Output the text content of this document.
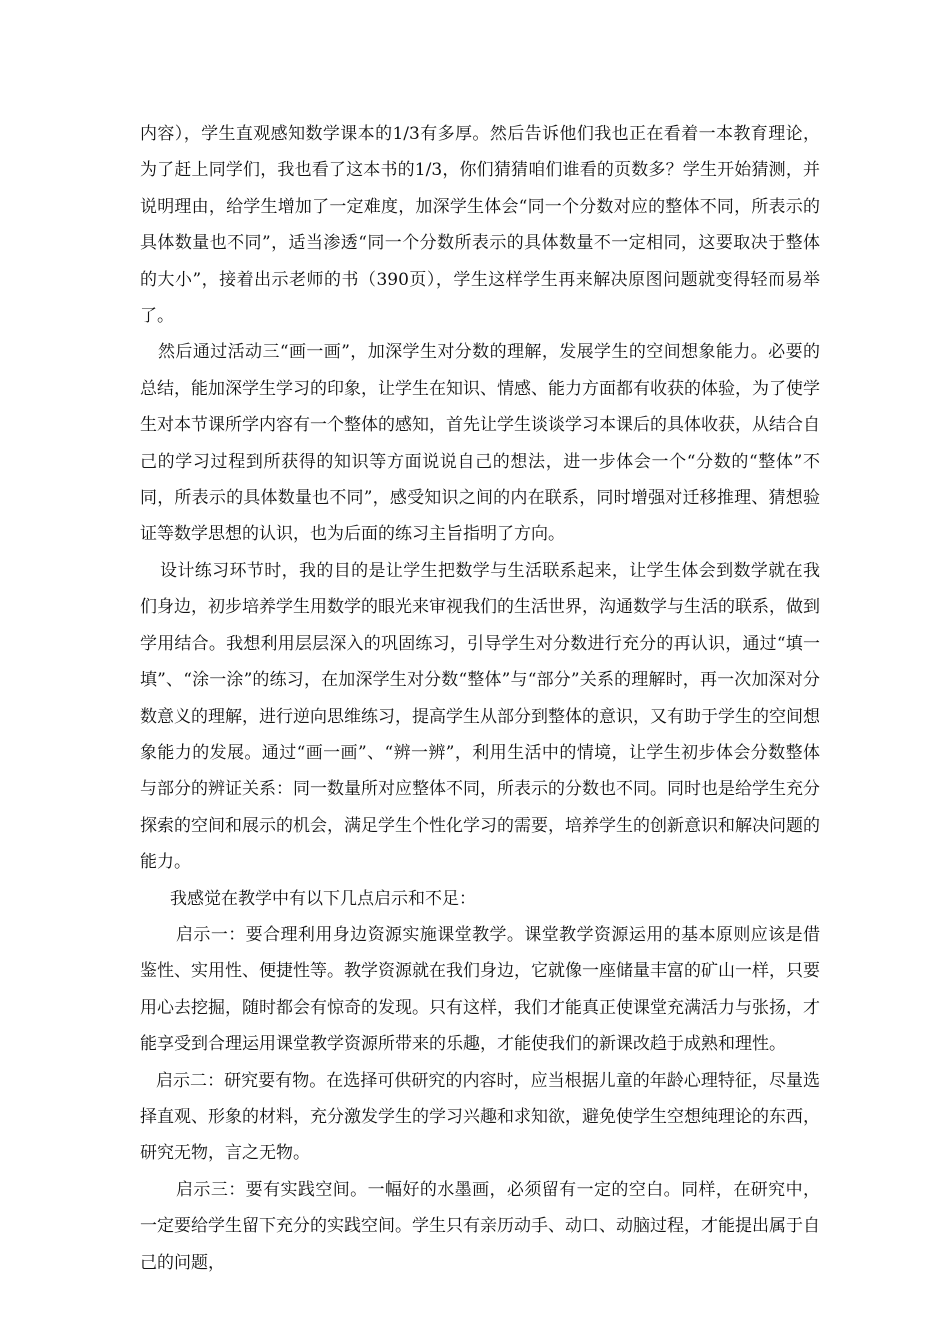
内容），学生直观感知数学课本的1/3有多厚。然后告诉他们我也正在看着一本教育理论，为了赶上同学们，我也看了这本书的1/3，你们猜猜咱们谁看的页数多？学生开始猜测，并说明理由，给学生增加了一定难度，加深学生体会“同一个分数对应的整体不同，所表示的具体数量也不同”，适当渗透“同一个分数所表示的具体数量不一定相同，这要取决于整体的大小”，接着出示老师的书（390页），学生这样学生再来解决原图问题就变得轻而易举了。

然后通过活动三“画一画”，加深学生对分数的理解，发展学生的空间想象能力。必要的总结，能加深学生学习的印象，让学生在知识、情感、能力方面都有收获的体验，为了使学生对本节课所学内容有一个整体的感知，首先让学生谈谈学习本课后的具体收获，从结合自己的学习过程到所获得的知识等方面说说自己的想法，进一步体会一个“分数的“整体”不同，所表示的具体数量也不同”，感受知识之间的内在联系，同时增强对迁移推理、猜想验证等数学思想的认识，也为后面的练习主旨指明了方向。

设计练习环节时，我的目的是让学生把数学与生活联系起来，让学生体会到数学就在我们身边，初步培养学生用数学的眼光来审视我们的生活世界，沟通数学与生活的联系，做到学用结合。我想利用层层深入的巩固练习，引导学生对分数进行充分的再认识，通过“填一填”、“涂一涂”的练习，在加深学生对分数“整体”与“部分”关系的理解时，再一次加深对分数意义的理解，进行逆向思维练习，提高学生从部分到整体的意识，又有助于学生的空间想象能力的发展。通过“画一画”、“辨一辨”，利用生活中的情境，让学生初步体会分数整体与部分的辨证关系：同一数量所对应整体不同，所表示的分数也不同。同时也是给学生充分探索的空间和展示的机会，满足学生个性化学习的需要，培养学生的创新意识和解决问题的能力。

我感觉在教学中有以下几点启示和不足：

启示一：要合理利用身边资源实施课堂教学。课堂教学资源运用的基本原则应该是借鉴性、实用性、便捷性等。教学资源就在我们身边，它就像一座储量丰富的矿山一样，只要用心去挖掘，随时都会有惊奇的发现。只有这样，我们才能真正使课堂充满活力与张扬，才能享受到合理运用课堂教学资源所带来的乐趣，才能使我们的新课改趋于成熟和理性。

启示二：研究要有物。在选择可供研究的内容时，应当根据儿童的年龄心理特征，尽量选择直观、形象的材料，充分激发学生的学习兴趣和求知欲，避免使学生空想纯理论的东西，研究无物，言之无物。

启示三：要有实践空间。一幅好的水墨画，必须留有一定的空白。同样，在研究中，一定要给学生留下充分的实践空间。学生只有亲历动手、动口、动脑过程，才能提出属于自己的问题，
